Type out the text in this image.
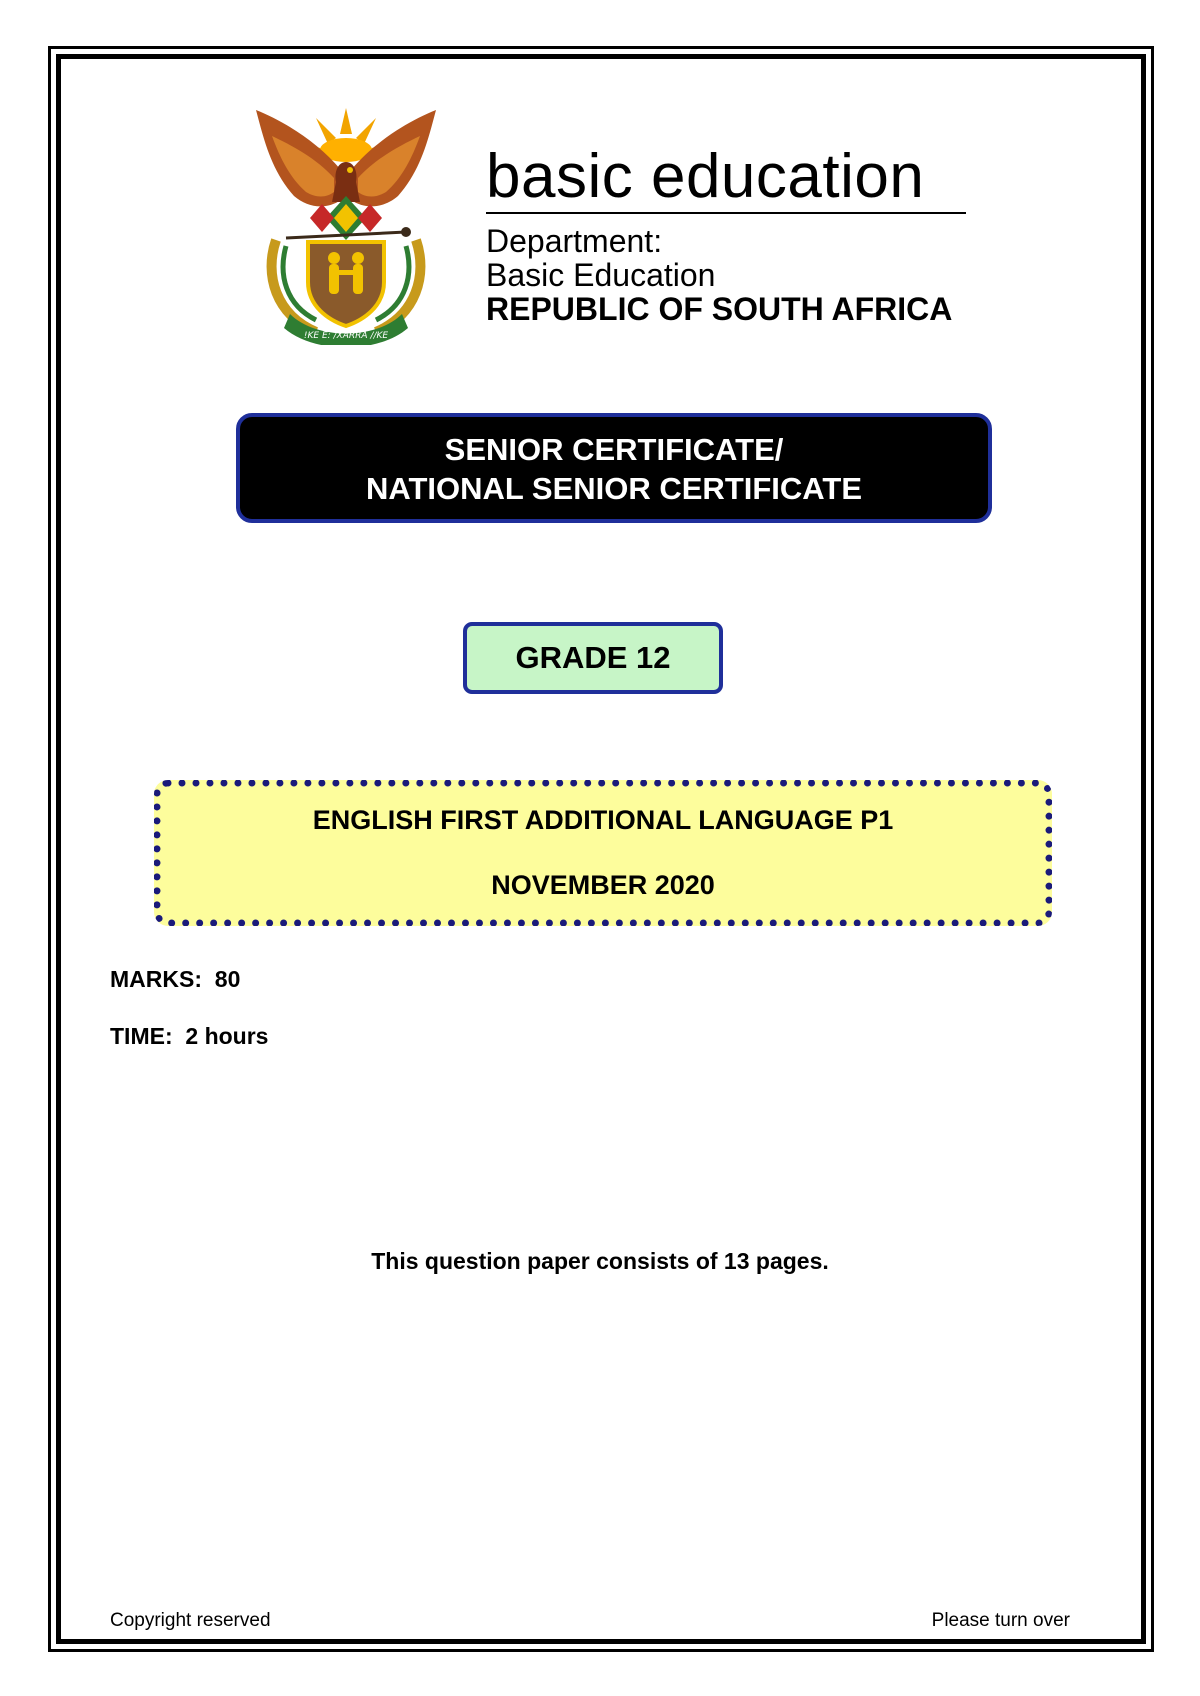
!KE E: /XARRA //KE
basic education
Department:
Basic Education
REPUBLIC OF SOUTH AFRICA
SENIOR CERTIFICATE/
NATIONAL SENIOR CERTIFICATE
GRADE 12
ENGLISH FIRST ADDITIONAL LANGUAGE P1
NOVEMBER 2020
MARKS: 80
TIME: 2 hours
This question paper consists of 13 pages.
Copyright reserved	Please turn over
